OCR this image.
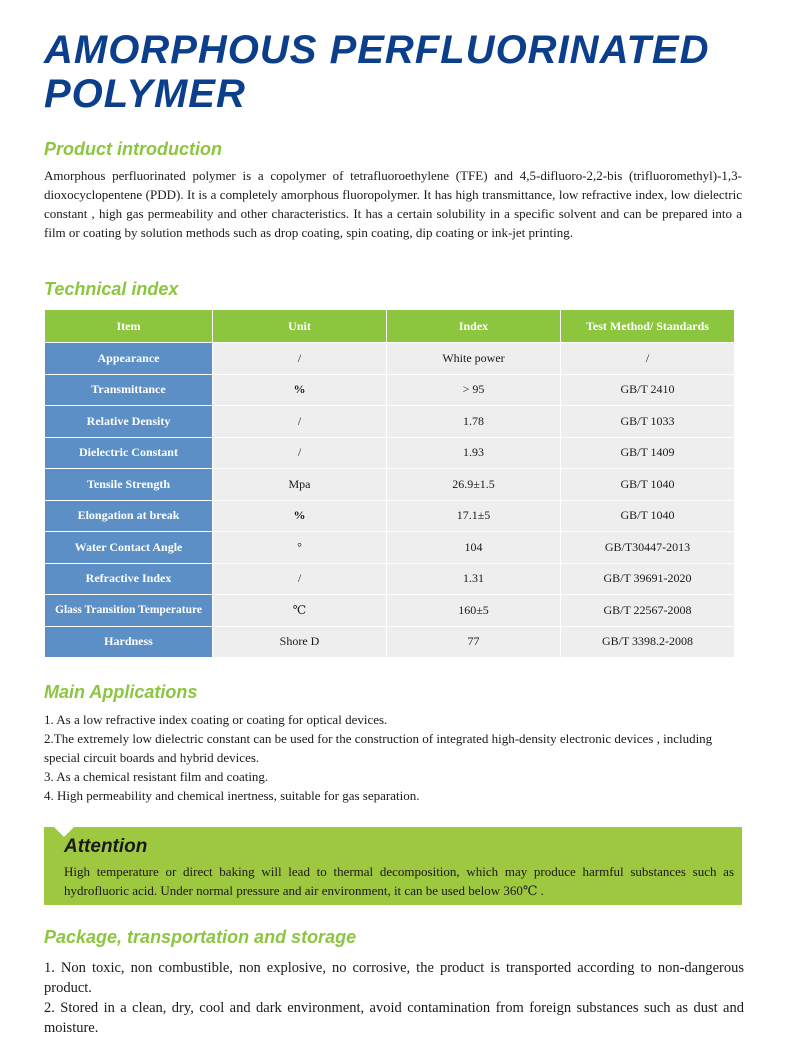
AMORPHOUS PERFLUORINATED
POLYMER
Product introduction

Amorphous perfluorinated polymer is a copolymer of tetrafluoroethylene (TFE) and 4,5-difluoro-2,2-bis (trifluoromethyl)-1,3-dioxocyclopentene (PDD). It is a completely amorphous fluoropolymer. It has high transmittance, low refractive index, low dielectric constant , high gas permeability and other characteristics. It has a certain solubility in a specific solvent and can be prepared into a film or coating by solution methods such as drop coating, spin coating, dip coating or ink-jet printing.

Technical index
Item	Unit	Index	Test Method/ Standards
Appearance	/	White power	/
Transmittance	%	> 95	GB/T 2410
Relative Density	/	1.78	GB/T 1033
Dielectric Constant	/	1.93	GB/T 1409
Tensile Strength	Mpa	26.9±1.5	GB/T 1040
Elongation at break	%	17.1±5	GB/T 1040
Water Contact Angle	°	104	GB/T30447-2013
Refractive Index	/	1.31	GB/T 39691-2020
Glass Transition Temperature	℃	160±5	GB/T 22567-2008
Hardness	Shore D	77	GB/T 3398.2-2008
Main Applications
1. As a low refractive index coating or coating for optical devices.
2.The extremely low dielectric constant can be used for the construction of integrated high-density electronic devices , including special circuit boards and hybrid devices.
3. As a chemical resistant film and coating.
4. High permeability and chemical inertness, suitable for gas separation.
Attention

High temperature or direct baking will lead to thermal decomposition, which may produce harmful substances such as hydrofluoric acid. Under normal pressure and air environment, it can be used below 360℃ .

Package, transportation and storage
1. Non toxic, non combustible, non explosive, no corrosive, the product is transported according to non-dangerous product.
2. Stored in a clean, dry, cool and dark environment, avoid contamination from foreign substances such as dust and moisture.
